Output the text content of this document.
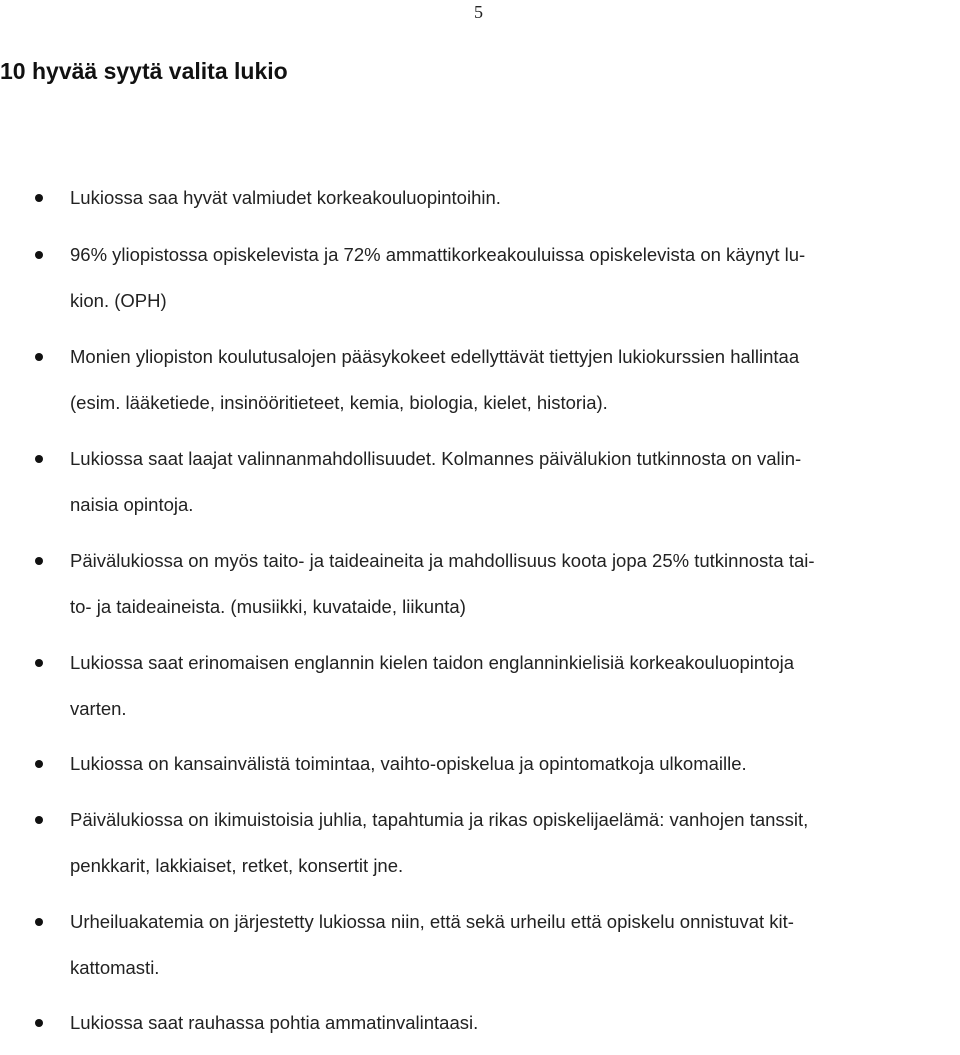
5
10 hyvää syytä valita lukio

Lukiossa saa hyvät valmiudet korkeakouluopintoihin.

96% yliopistossa opiskelevista ja 72% ammattikorkeakouluissa opiskelevista on käynyt lu-
kion. (OPH)

Monien yliopiston koulutusalojen pääsykokeet edellyttävät tiettyjen lukiokurssien hallintaa
(esim. lääketiede, insinööritieteet, kemia, biologia, kielet, historia).

Lukiossa saat laajat valinnanmahdollisuudet. Kolmannes päivälukion tutkinnosta on valin-
naisia opintoja.

Päivälukiossa on myös taito- ja taideaineita ja mahdollisuus koota jopa 25% tutkinnosta tai-
to- ja taideaineista. (musiikki, kuvataide, liikunta)

Lukiossa saat erinomaisen englannin kielen taidon englanninkielisiä korkeakouluopintoja
varten.

Lukiossa on kansainvälistä toimintaa, vaihto-opiskelua ja opintomatkoja ulkomaille.

Päivälukiossa on ikimuistoisia juhlia, tapahtumia ja rikas opiskelijaelämä: vanhojen tanssit,
penkkarit, lakkiaiset, retket, konsertit jne.

Urheiluakatemia on järjestetty lukiossa niin, että sekä urheilu että opiskelu onnistuvat kit-
kattomasti.

Lukiossa saat rauhassa pohtia ammatinvalintaasi.
